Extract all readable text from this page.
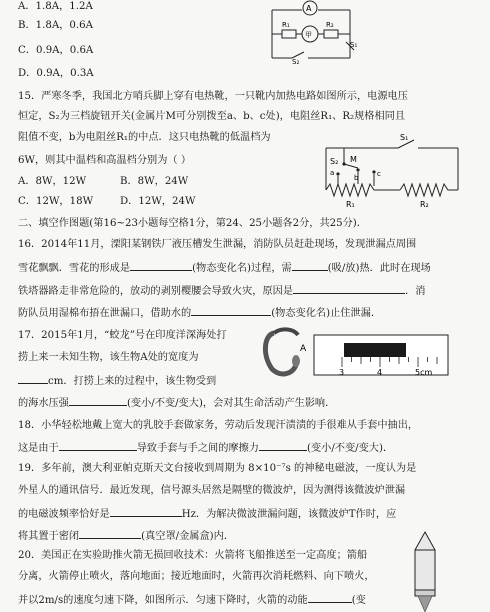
A．1.8A，1.2A
B．1.8A，0.6A
C．0.9A，0.6A
D．0.9A，0.3A
A
R₁
甲
R₂
S₁
S₂
15．严寒冬季，我国北方哨兵脚上穿有电热靴，一只靴内加热电路如图所示，电源电压
恒定，S₂为三档旋钮开关(金属片M可分别拨至a、b、c处)，电阻丝R₁、R₂规格相同且
阻值不变，b为电阻丝R₁的中点．这只电热靴的低温档为
6W，则其中温档和高温档分别为（ ）
A．8W，12W	B．8W，24W
C．12W，18W	D．12W，24W
S₁
S₂ M
a
b	c
R₁	R₂
二、填空作图题(第16~23小题每空格1分，第24、25小题各2分，共25分)．
16．2014年11月，溧阳某钢铁厂液压槽发生泄漏，消防队员赶赴现场，发现泄漏点周围
雪花飘飘．雪花的形成是	(物态变化名)过程，需	(吸/放)热．此时在现场
铁塔器路走非常危险的，放动的剥别樱腰会导致火灾，原因是	．消
防队员用湿棉布捂在泄漏口，借助水的	(物态变化名)止住泄漏．
17．2015年1月，“蛟龙”号在印度洋深海处打
捞上来一未知生物，该生物A处的宽度为
cm．打捞上来的过程中，该生物受到
的海水压强	(变小/不变/变大)，会对其生命活动产生影响．
A
3	4	5cm
18．小华轻松地戴上宽大的乳胶手套做家务，劳动后发现汗渍渍的手很难从手套中抽出，
这是由于	导致手套与手之间的摩擦力	(变小/不变/变大)．
19．多年前，澳大利亚帕克斯天文台接收到周期为 8×10⁻⁷s 的神秘电磁波，一度认为是
外星人的通讯信号．最近发现，信号源头居然是隔壁的微波炉，因为测得该微波炉泄漏
的电磁波频率恰好是	Hz．为解决微波泄漏问题，该微波炉T作时，应
将其置于密闭	(真空罩/金属盒)内．
20．美国正在实验助推火箭无损回收技术：火箭将飞船推送至一定高度；箭船
分离，火箭停止喷火，落向地面；接近地面时，火箭再次消耗燃料、向下喷火，
并以2m/s的速度匀速下降，如图所示．匀速下降时，火箭的动能	(变
